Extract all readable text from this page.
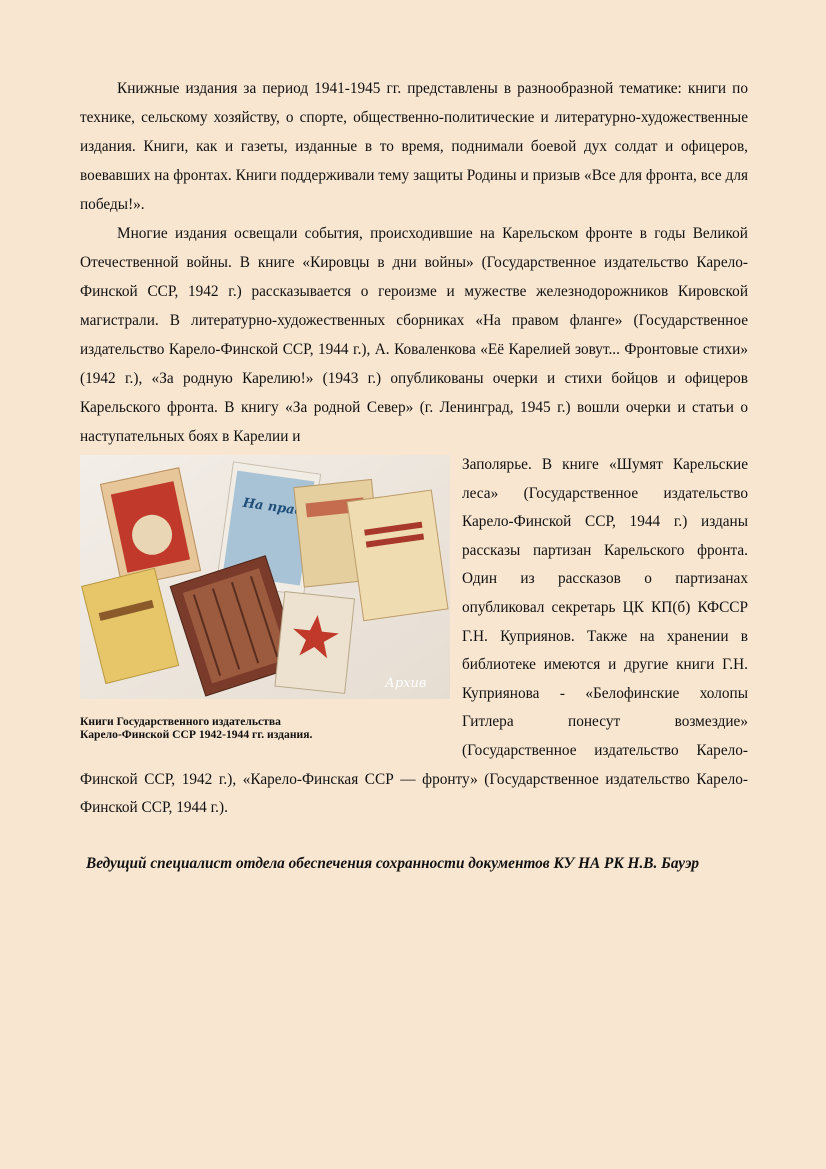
Книжные издания за период 1941-1945 гг. представлены в разнообразной тематике: книги по технике, сельскому хозяйству, о спорте, общественно-политические и литературно-художественные издания. Книги, как и газеты, изданные в то время, поднимали боевой дух солдат и офицеров, воевавших на фронтах. Книги поддерживали тему защиты Родины и призыв «Все для фронта, все для победы!».

Многие издания освещали события, происходившие на Карельском фронте в годы Великой Отечественной войны. В книге «Кировцы в дни войны» (Государственное издательство Карело-Финской ССР, 1942 г.) рассказывается о героизме и мужестве железнодорожников Кировской магистрали. В литературно-художественных сборниках «На правом фланге» (Государственное издательство Карело-Финской ССР, 1944 г.), А. Коваленкова «Её Карелией зовут... Фронтовые стихи» (1942 г.), «За родную Карелию!» (1943 г.) опубликованы очерки и стихи бойцов и офицеров Карельского фронта. В книгу «За родной Север» (г. Ленинград, 1945 г.) вошли очерки и статьи о наступательных боях в Карелии и

На
Архив
Книги Государственного издательства
Карело-Финской ССР 1942-1944 гг. издания.

Заполярье. В книге «Шумят Карельские леса» (Государственное издательство Карело-Финской ССР, 1944 г.) изданы рассказы партизан Карельского фронта. Один из рассказов о партизанах опубликовал секретарь ЦК КП(б) КФССР Г.Н. Куприянов. Также на хранении в библиотеке имеются и другие книги Г.Н. Куприянова - «Белофинские холопы Гитлера понесут возмездие» (Государственное издательство Карело-Финской ССР, 1942 г.), «Карело-Финская ССР — фронту» (Государственное издательство Карело-Финской ССР, 1944 г.).

Ведущий специалист отдела обеспечения сохранности документов КУ НА РК Н.В. Бауэр
